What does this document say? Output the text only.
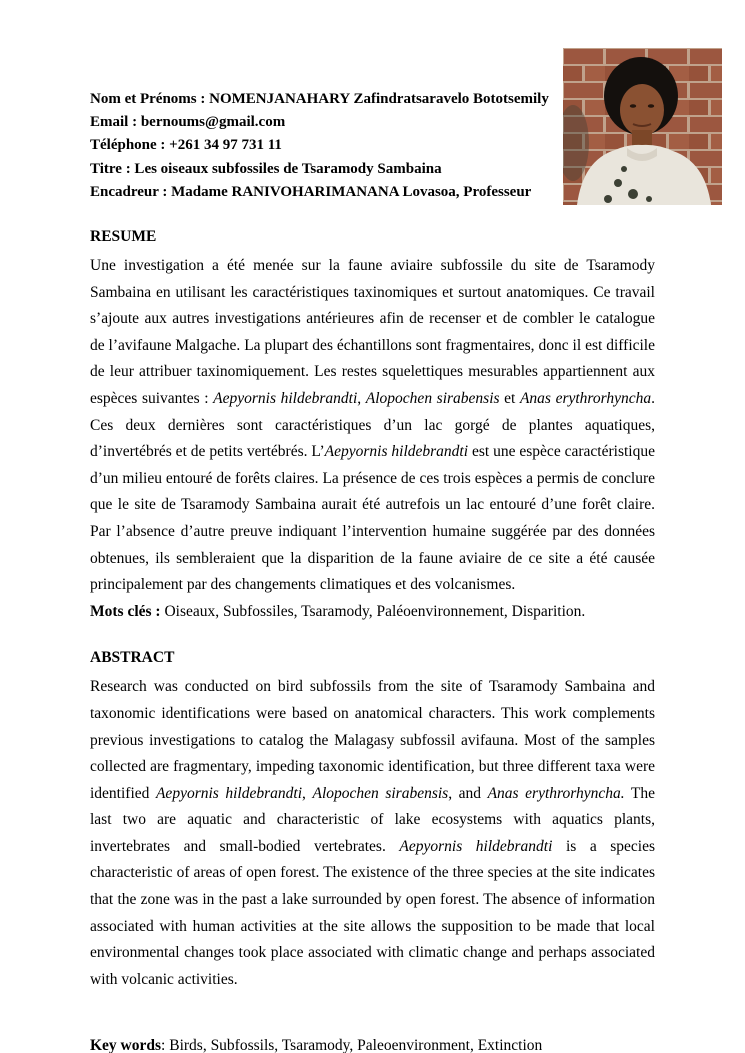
Nom et Prénoms : NOMENJANAHARY Zafindratsaravelo Bototsemily

Email : bernoums@gmail.com

Téléphone : +261 34 97 731 11

Titre : Les oiseaux subfossiles de Tsaramody Sambaina

Encadreur : Madame RANIVOHARIMANANA Lovasoa, Professeur

RESUME

Une investigation a été menée sur la faune aviaire subfossile du site de Tsaramody Sambaina en utilisant les caractéristiques taxinomiques et surtout anatomiques. Ce travail s’ajoute aux autres investigations antérieures afin de recenser et de combler le catalogue de l’avifaune Malgache. La plupart des échantillons sont fragmentaires, donc il est difficile de leur attribuer taxinomiquement. Les restes squelettiques mesurables appartiennent aux espèces suivantes : Aepyornis hildebrandti, Alopochen sirabensis et Anas erythrorhyncha. Ces deux dernières sont caractéristiques d’un lac gorgé de plantes aquatiques, d’invertébrés et de petits vertébrés. L’Aepyornis hildebrandti est une espèce caractéristique d’un milieu entouré de forêts claires. La présence de ces trois espèces a permis de conclure que le site de Tsaramody Sambaina aurait été autrefois un lac entouré d’une forêt claire. Par l’absence d’autre preuve indiquant l’intervention humaine suggérée par des données obtenues, ils sembleraient que la disparition de la faune aviaire de ce site a été causée principalement par des changements climatiques et des volcanismes.

Mots clés : Oiseaux, Subfossiles, Tsaramody, Paléoenvironnement, Disparition.

ABSTRACT

Research was conducted on bird subfossils from the site of Tsaramody Sambaina and taxonomic identifications were based on anatomical characters. This work complements previous investigations to catalog the Malagasy subfossil avifauna. Most of the samples collected are fragmentary, impeding taxonomic identification, but three different taxa were identified Aepyornis hildebrandti, Alopochen sirabensis, and Anas erythrorhyncha. The last two are aquatic and characteristic of lake ecosystems with aquatics plants, invertebrates and small-bodied vertebrates. Aepyornis hildebrandti is a species characteristic of areas of open forest. The existence of the three species at the site indicates that the zone was in the past a lake surrounded by open forest. The absence of information associated with human activities at the site allows the supposition to be made that local environmental changes took place associated with climatic change and perhaps associated with volcanic activities.

Key words: Birds, Subfossils, Tsaramody, Paleoenvironment, Extinction
